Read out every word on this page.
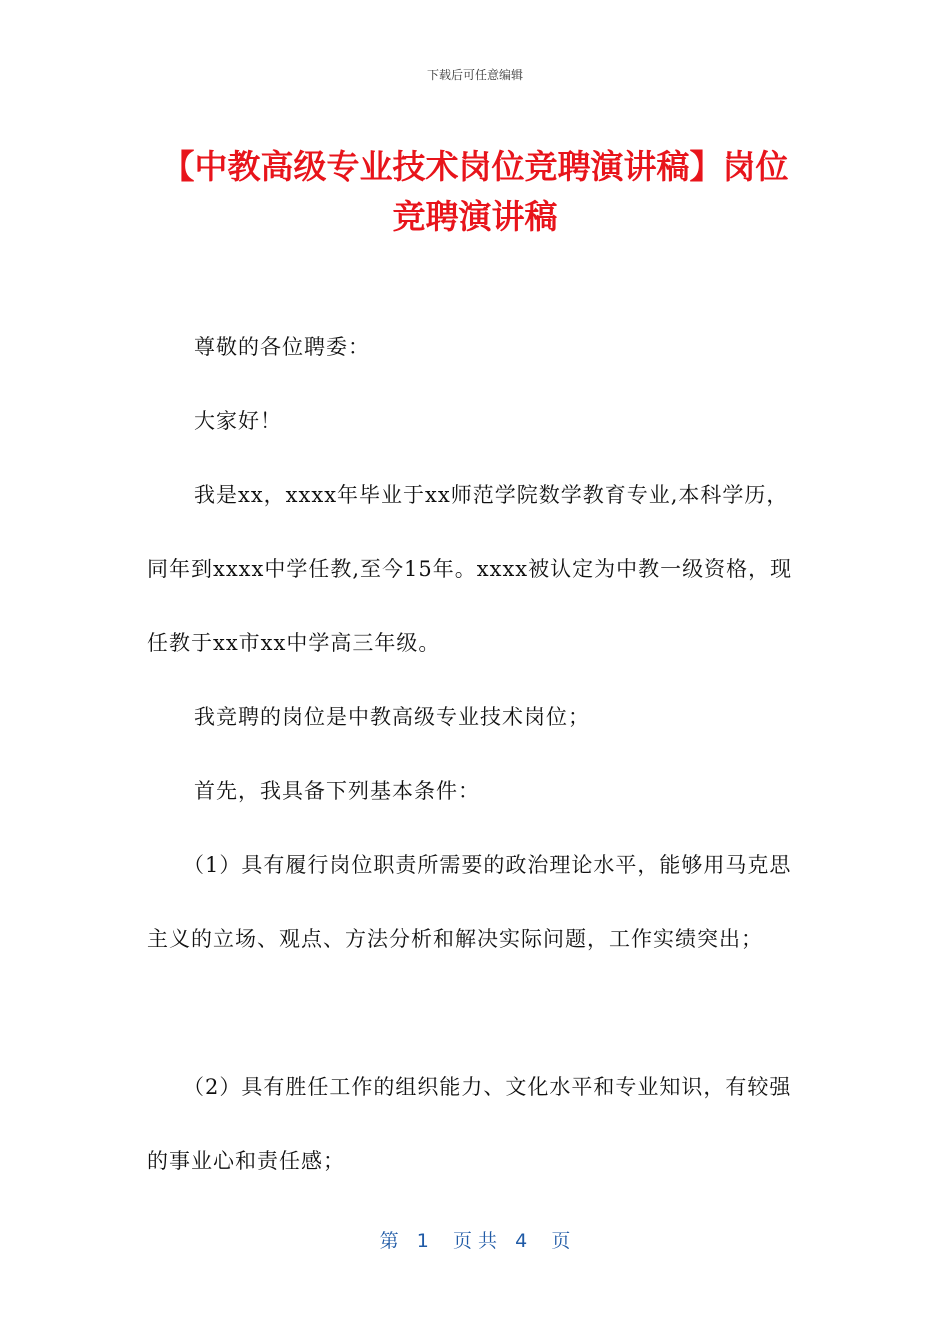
下载后可任意编辑
【中教高级专业技术岗位竞聘演讲稿】岗位
竞聘演讲稿

尊敬的各位聘委：

大家好！

我是xx，xxxx年毕业于xx师范学院数学教育专业,本科学历，同年到xxxx中学任教,至今15年。xxxx被认定为中教一级资格，现任教于xx市xx中学高三年级。

我竞聘的岗位是中教高级专业技术岗位；

首先，我具备下列基本条件：

（1）具有履行岗位职责所需要的政治理论水平，能够用马克思主义的立场、观点、方法分析和解决实际问题，工作实绩突出；

（2）具有胜任工作的组织能力、文化水平和专业知识，有较强的事业心和责任感；

第   1    页 共   4    页
